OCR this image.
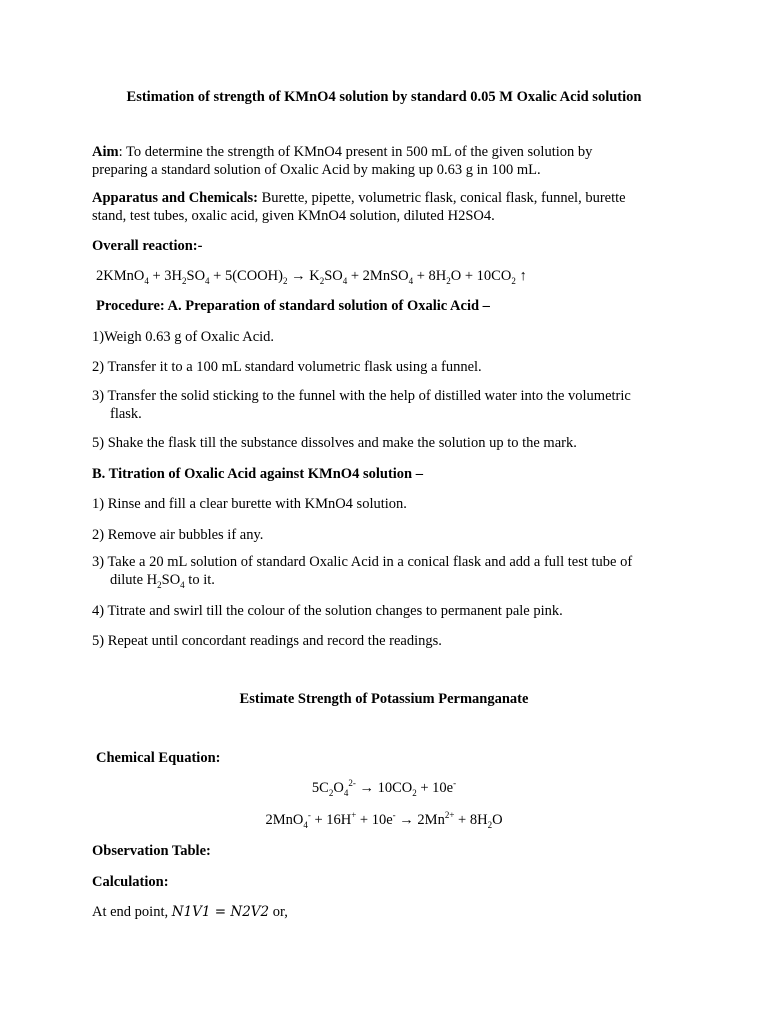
Estimation of strength of KMnO4 solution by standard 0.05 M Oxalic Acid solution
Aim: To determine the strength of KMnO4 present in 500 mL of the given solution by
preparing a standard solution of Oxalic Acid by making up 0.63 g in 100 mL.
Apparatus and Chemicals: Burette, pipette, volumetric flask, conical flask, funnel, burette
stand, test tubes, oxalic acid, given KMnO4 solution, diluted H2SO4.
Overall reaction:-
2KMnO$_4$ + $3H_2SO_4$ + $5(COOH)_2 \to K_2SO_4$ + 2MnSO$_4$ + $8H_2O + 10CO_2$ ↑
Procedure: A. Preparation of standard solution of Oxalic Acid –
1)Weigh 0.63 g of Oxalic Acid.
2) Transfer it to a 100 mL standard volumetric flask using a funnel.
3) Transfer the solid sticking to the funnel with the help of distilled water into the volumetric
flask.
5) Shake the flask till the substance dissolves and make the solution up to the mark.
B. Titration of Oxalic Acid against KMnO4 solution –
1) Rinse and fill a clear burette with KMnO4 solution.
2) Remove air bubbles if any.
3) Take a 20 mL solution of standard Oxalic Acid in a conical flask and add a full test tube of
dilute $H_2SO_4$ to it.
4) Titrate and swirl till the colour of the solution changes to permanent pale pink.
5) Repeat until concordant readings and record the readings.
Estimate Strength of Potassium Permanganate
Chemical Equation:
$5C_2O_4^{2-} \to 10CO_2 + 10e^-$
$2MnO_4^- + 16H^+ + 10e^- \to 2Mn^{2+} + 8H_2O$
Observation Table:
Calculation:
At end point, N1V1 = N2V2 or,
